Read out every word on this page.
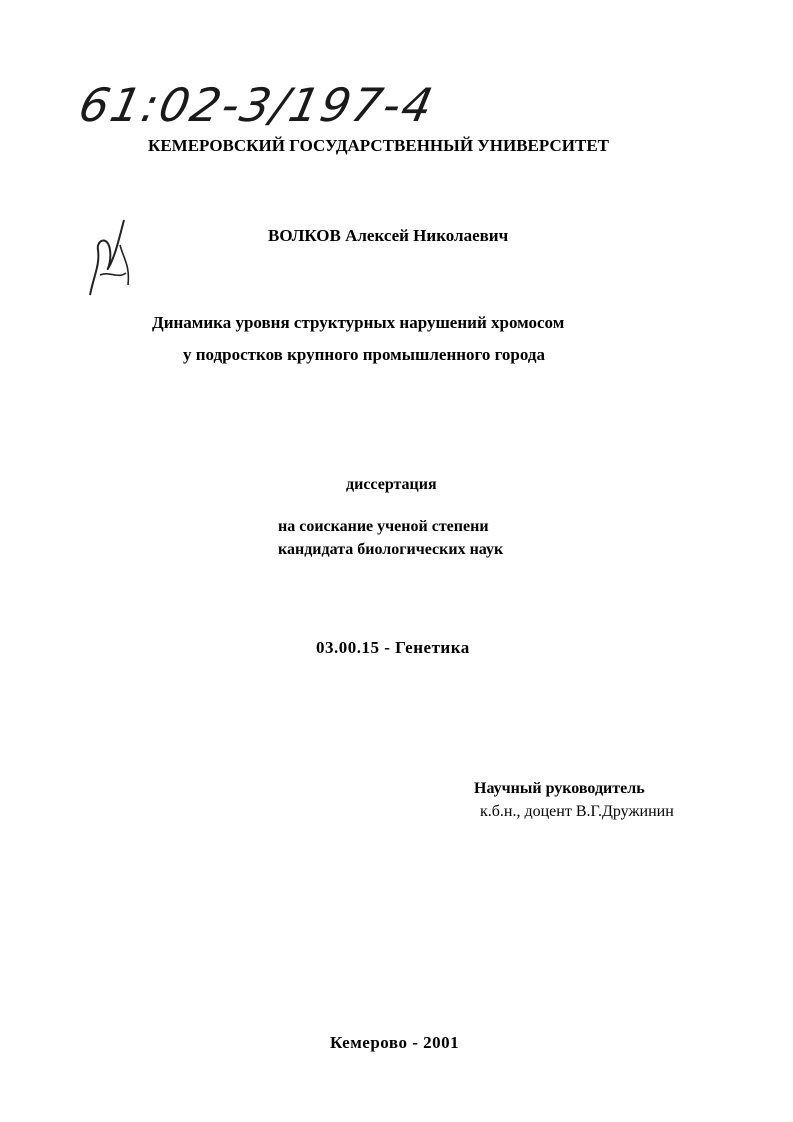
61:02-3/197-4

КЕМЕРОВСКИЙ ГОСУДАРСТВЕННЫЙ УНИВЕРСИТЕТ

ВОЛКОВ Алексей Николаевич

Динамика уровня структурных нарушений хромосом

у подростков крупного промышленного города

диссертация

на соискание ученой степени

кандидата биологических наук

03.00.15 - Генетика

Научный руководитель

к.б.н., доцент В.Г.Дружинин

Кемерово - 2001
